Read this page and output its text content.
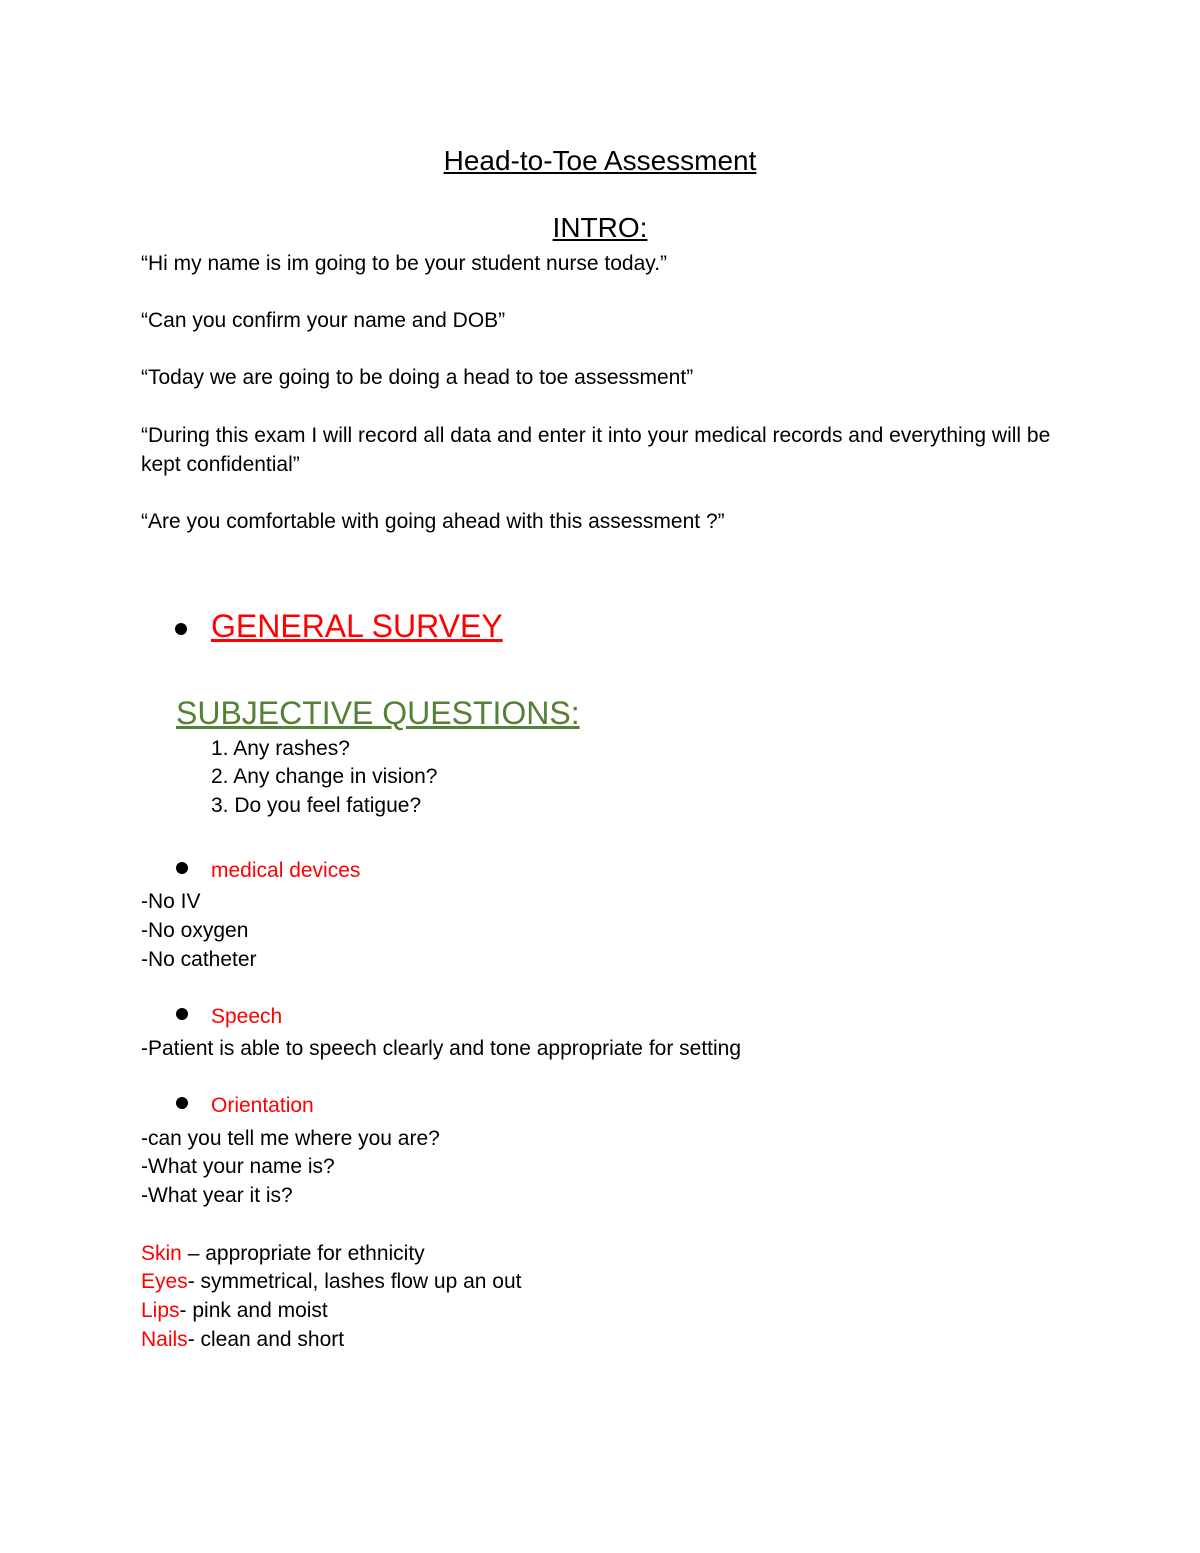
Head-to-Toe Assessment
INTRO:
“Hi my name is im going to be your student nurse today.”
“Can you confirm your name and DOB”
“Today we are going to be doing a head to toe assessment”
“During this exam I will record all data and enter it into your medical records and everything will be kept confidential”
“Are you comfortable with going ahead with this assessment ?”
GENERAL SURVEY
SUBJECTIVE QUESTIONS:
1. Any rashes?
2. Any change in vision?
3. Do you feel fatigue?
medical devices
-No IV
-No oxygen
-No catheter
Speech
-Patient is able to speech clearly and tone appropriate for setting
Orientation
-can you tell me where you are?
-What your name is?
-What year it is?
Skin – appropriate for ethnicity
Eyes- symmetrical, lashes flow up an out
Lips- pink and moist
Nails- clean and short
